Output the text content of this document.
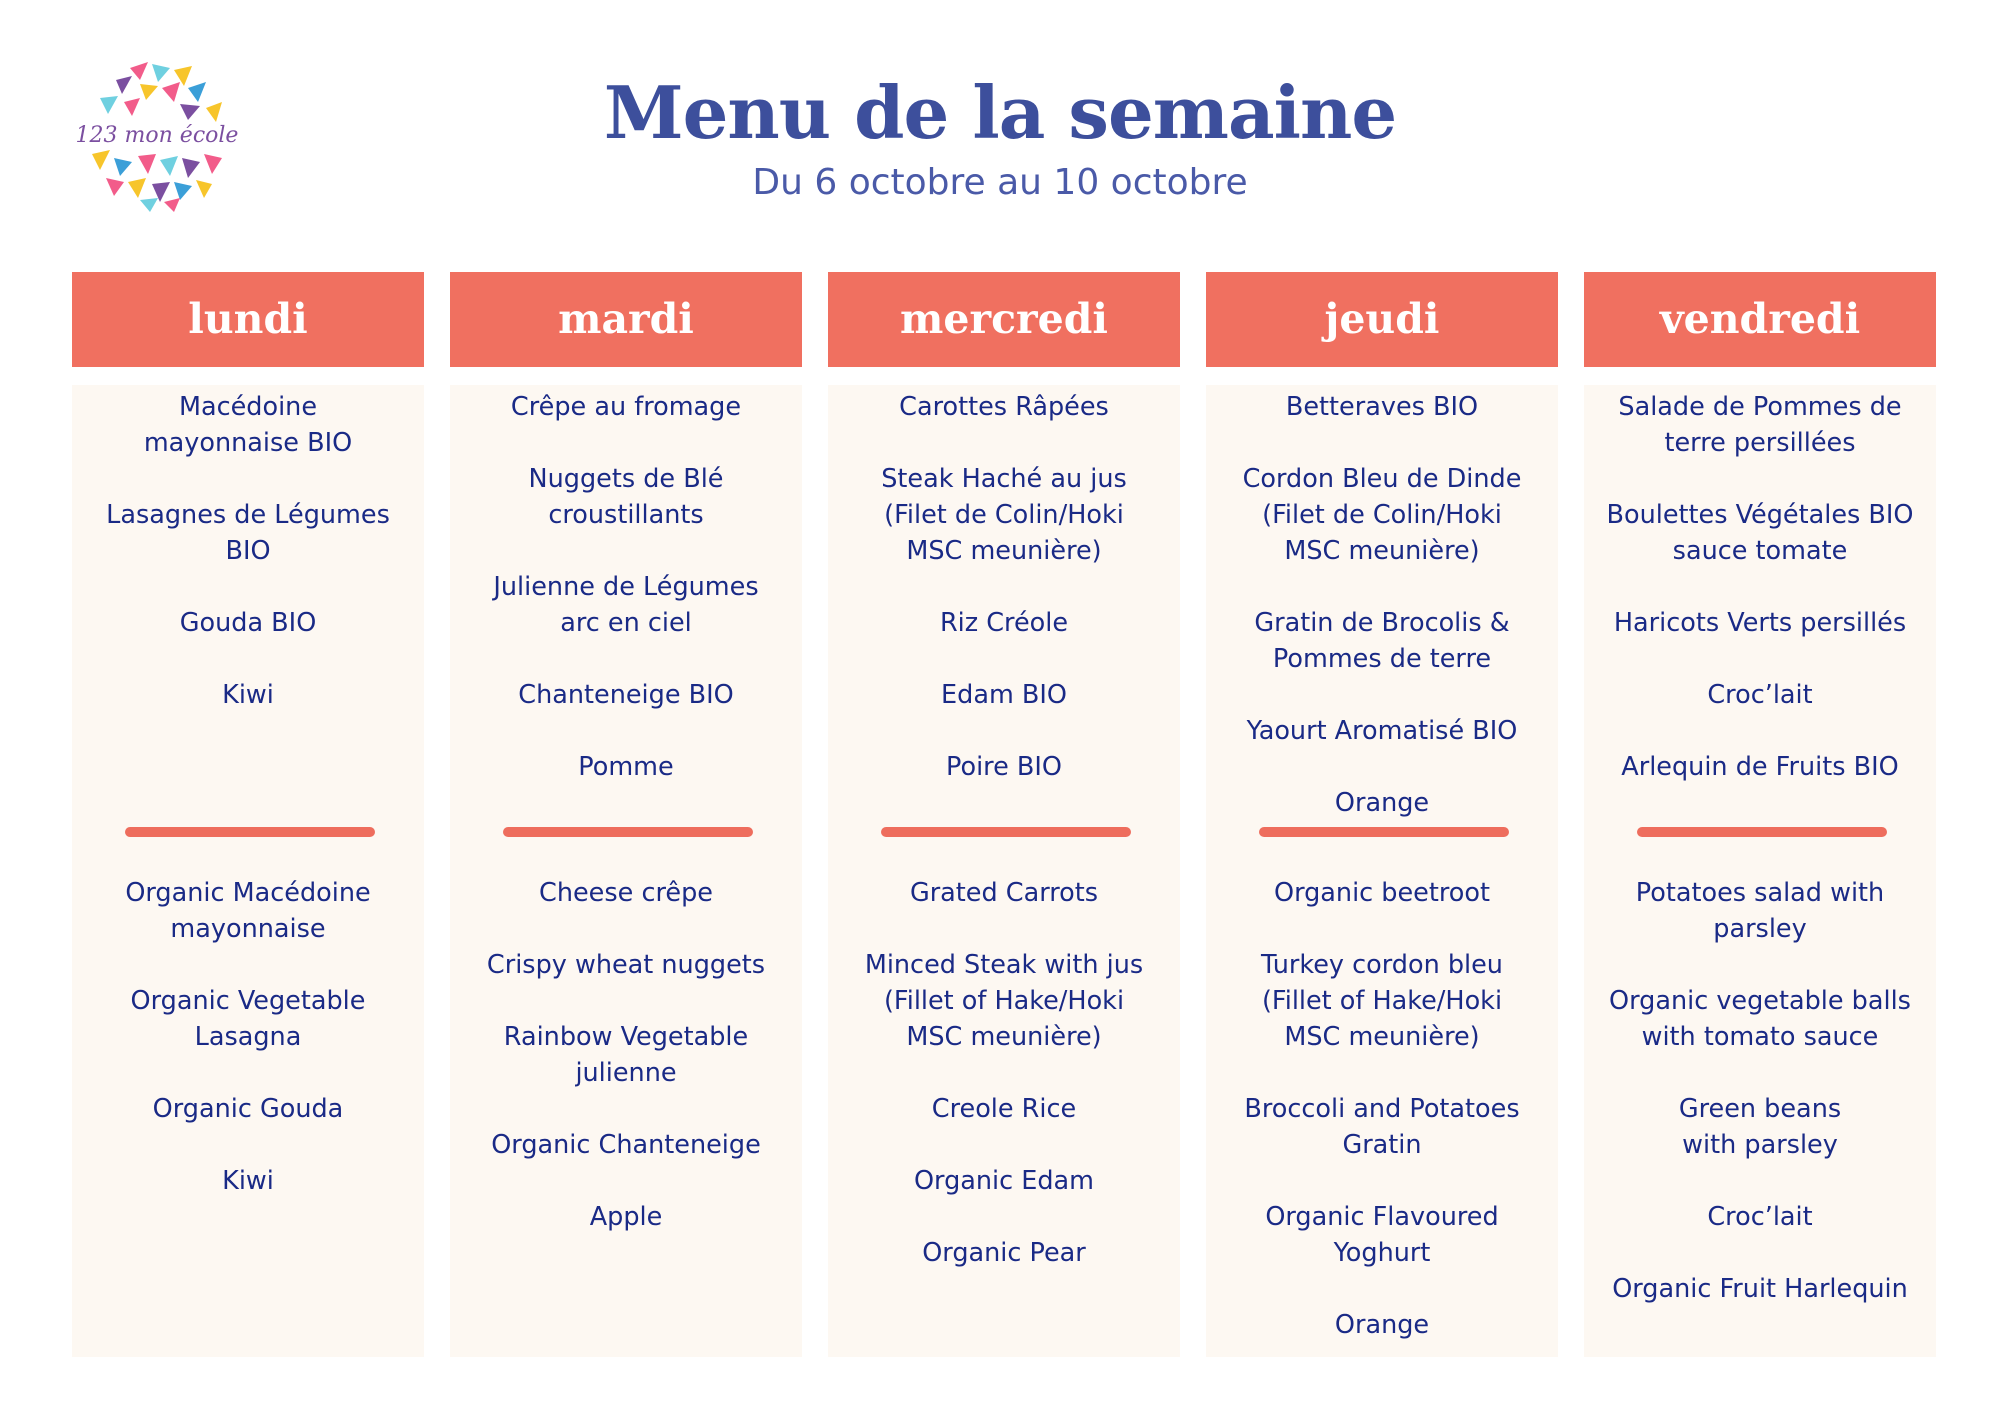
123 mon école	Menu de la semaine
Du 6 octobre au 10 octobre
lundi
Macédoine
mayonnaise BIO
Lasagnes de Légumes BIO
Gouda BIO
Kiwi
Organic Macédoine
mayonnaise
Organic Vegetable
Lasagna
Organic Gouda
Kiwi
mardi
Crêpe au fromage
Nuggets de Blé
croustillants
Julienne de Légumes
arc en ciel
Chanteneige BIO
Pomme
Cheese crêpe
Crispy wheat nuggets
Rainbow Vegetable
julienne
Organic Chanteneige
Apple
mercredi
Carottes Râpées
Steak Haché au jus
(Filet de Colin/Hoki
MSC meunière)
Riz Créole
Edam BIO
Poire BIO
Grated Carrots
Minced Steak with jus
(Fillet of Hake/Hoki
MSC meunière)
Creole Rice
Organic Edam
Organic Pear
jeudi
Betteraves BIO
Cordon Bleu de Dinde
(Filet de Colin/Hoki
MSC meunière)
Gratin de Brocolis &
Pommes de terre
Yaourt Aromatisé BIO
Orange
Organic beetroot
Turkey cordon bleu
(Fillet of Hake/Hoki
MSC meunière)
Broccoli and Potatoes
Gratin
Organic Flavoured
Yoghurt
Orange
vendredi
Salade de Pommes de
terre persillées
Boulettes Végétales BIO
sauce tomate
Haricots Verts persillés
Croc’lait
Arlequin de Fruits BIO
Potatoes salad with
parsley
Organic vegetable balls
with tomato sauce
Green beans
with parsley
Croc’lait
Organic Fruit Harlequin
